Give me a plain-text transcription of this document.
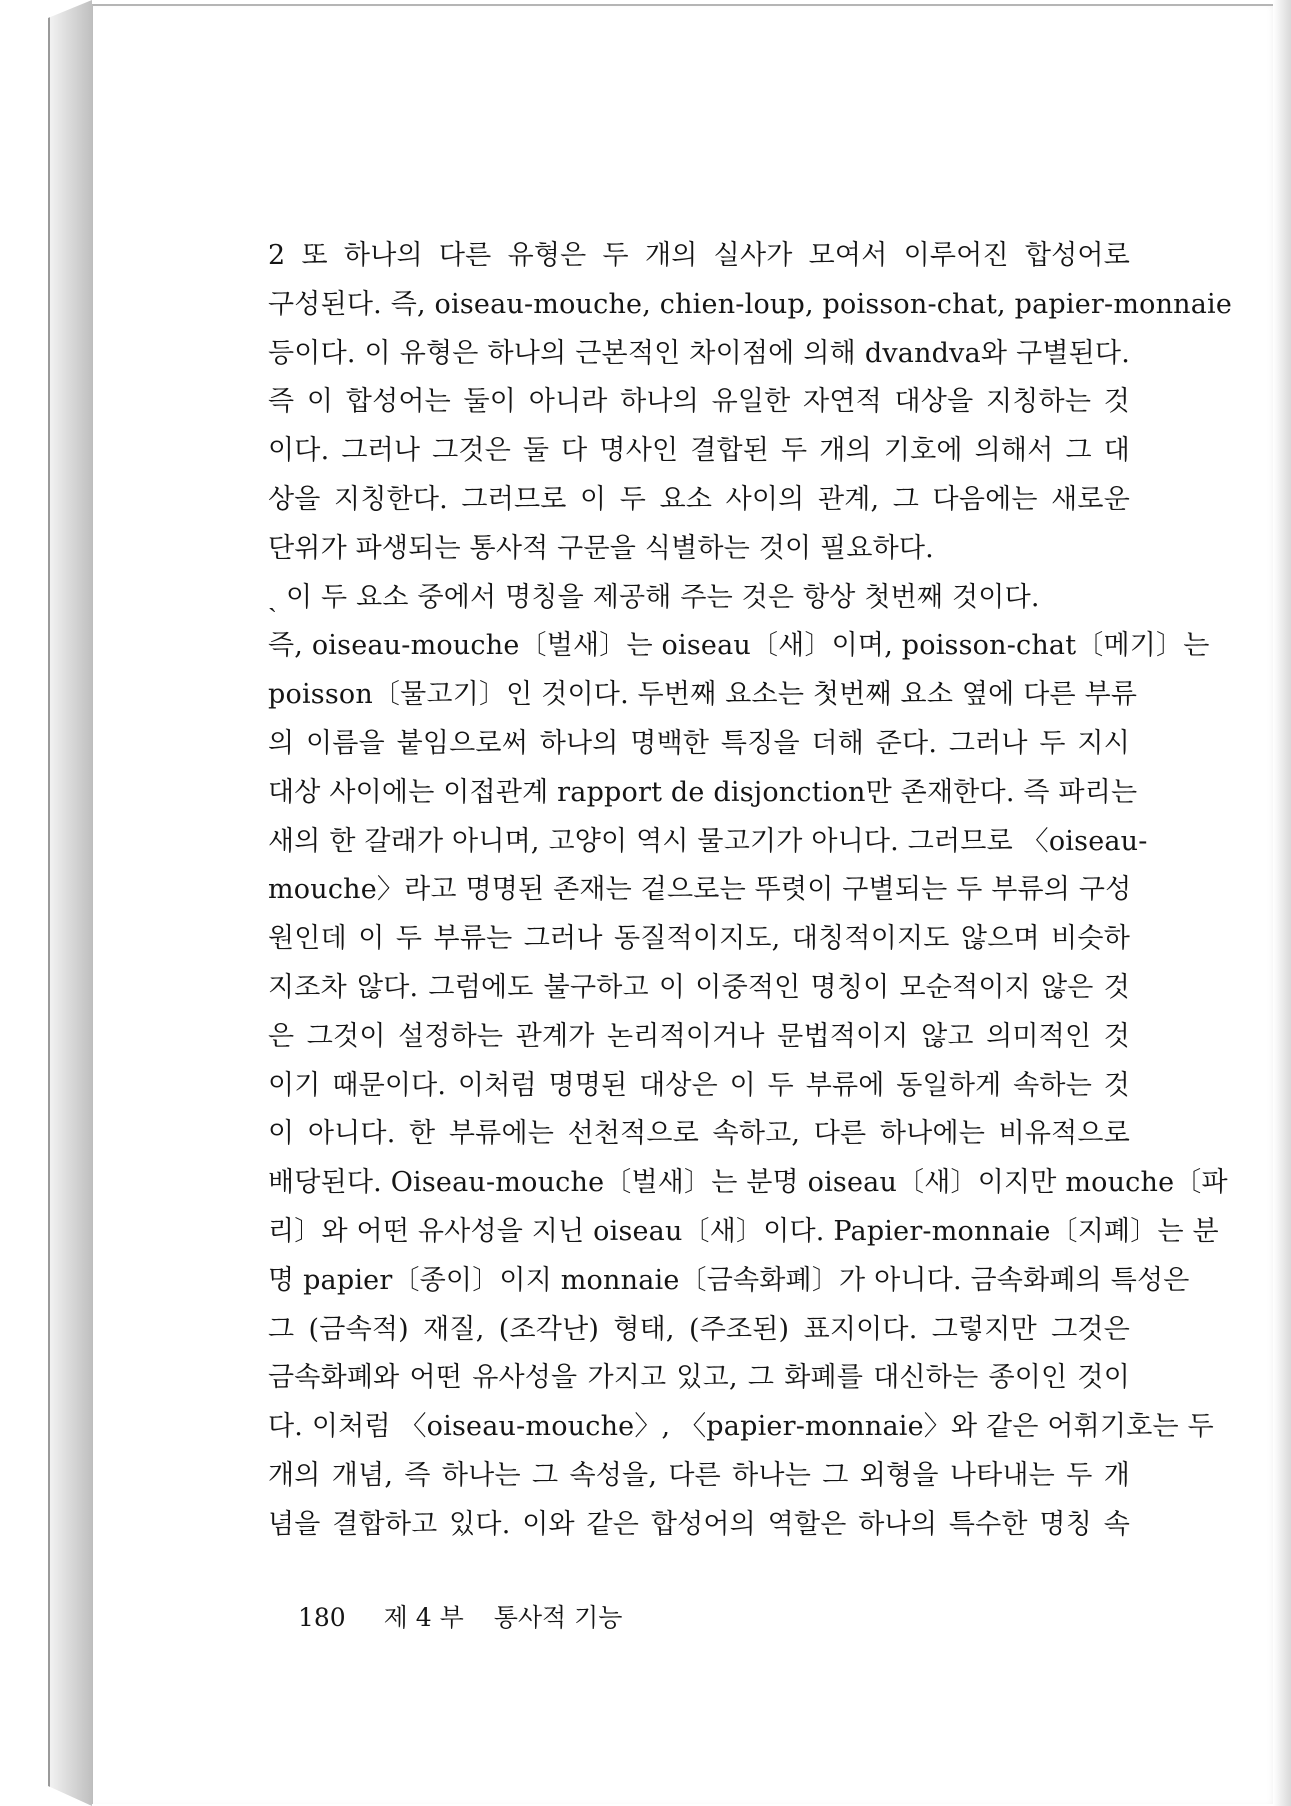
2 또 하나의 다른 유형은 두 개의 실사가 모여서 이루어진 합성어로
구성된다. 즉, oiseau-mouche, chien-loup, poisson-chat, papier-monnaie
등이다. 이 유형은 하나의 근본적인 차이점에 의해 dvandva와 구별된다.
즉 이 합성어는 둘이 아니라 하나의 유일한 자연적 대상을 지칭하는 것
이다. 그러나 그것은 둘 다 명사인 결합된 두 개의 기호에 의해서 그 대
상을 지칭한다. 그러므로 이 두 요소 사이의 관계, 그 다음에는 새로운
단위가 파생되는 통사적 구문을 식별하는 것이 필요하다.
ˎ 이 두 요소 중에서 명칭을 제공해 주는 것은 항상 첫번째 것이다.
즉, oiseau-mouche〔벌새〕는 oiseau〔새〕이며, poisson-chat〔메기〕는
poisson〔물고기〕인 것이다. 두번째 요소는 첫번째 요소 옆에 다른 부류
의 이름을 붙임으로써 하나의 명백한 특징을 더해 준다. 그러나 두 지시
대상 사이에는 이접관계 rapport de disjonction만 존재한다. 즉 파리는
새의 한 갈래가 아니며, 고양이 역시 물고기가 아니다. 그러므로 〈oiseau-
mouche〉라고 명명된 존재는 겉으로는 뚜렷이 구별되는 두 부류의 구성
원인데 이 두 부류는 그러나 동질적이지도, 대칭적이지도 않으며 비슷하
지조차 않다. 그럼에도 불구하고 이 이중적인 명칭이 모순적이지 않은 것
은 그것이 설정하는 관계가 논리적이거나 문법적이지 않고 의미적인 것
이기 때문이다. 이처럼 명명된 대상은 이 두 부류에 동일하게 속하는 것
이 아니다. 한 부류에는 선천적으로 속하고, 다른 하나에는 비유적으로
배당된다. Oiseau-mouche〔벌새〕는 분명 oiseau〔새〕이지만 mouche〔파
리〕와 어떤 유사성을 지닌 oiseau〔새〕이다. Papier-monnaie〔지폐〕는 분
명 papier〔종이〕이지 monnaie〔금속화폐〕가 아니다. 금속화폐의 특성은
그 (금속적) 재질, (조각난) 형태, (주조된) 표지이다. 그렇지만 그것은
금속화폐와 어떤 유사성을 가지고 있고, 그 화폐를 대신하는 종이인 것이
다. 이처럼 〈oiseau-mouche〉, 〈papier-monnaie〉와 같은 어휘기호는 두
개의 개념, 즉 하나는 그 속성을, 다른 하나는 그 외형을 나타내는 두 개
념을 결합하고 있다. 이와 같은 합성어의 역할은 하나의 특수한 명칭 속
180 제 4 부 통사적 기능
